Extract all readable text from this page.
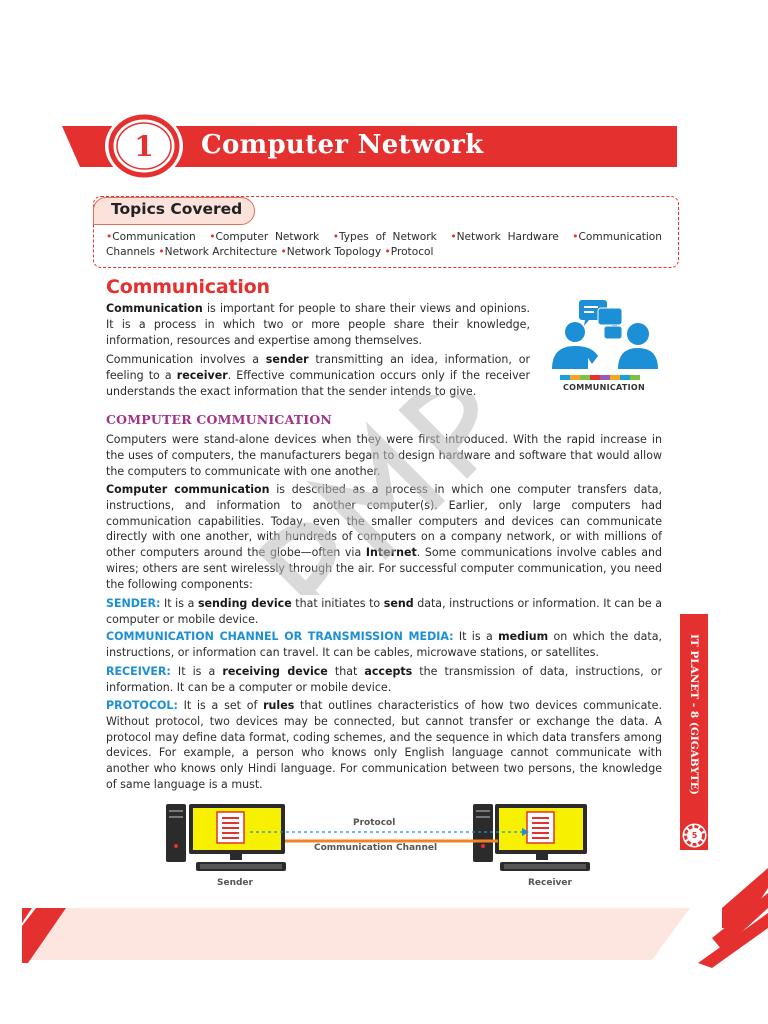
1	Computer Network
Topics Covered
•Communication •Computer Network •Types of Network •Network Hardware •Communication Channels •Network Architecture •Network Topology •Protocol
Communication

Communication is important for people to share their views and opinions. It is a process in which two or more people share their knowledge, information, resources and expertise among themselves.

Communication involves a sender transmitting an idea, information, or feeling to a receiver. Effective communication occurs only if the receiver understands the exact information that the sender intends to give.	COMMUNICATION
COMPUTER COMMUNICATION

Computers were stand-alone devices when they were first introduced. With the rapid increase in the uses of computers, the manufacturers began to design hardware and software that would allow the computers to communicate with one another.

Computer communication is described as a process in which one computer transfers data, instructions, and information to another computer(s). Earlier, only large computers had communication capabilities. Today, even the smaller computers and devices can communicate directly with one another, with hundreds of computers on a company network, or with millions of other computers around the globe—often via Internet. Some communications involve cables and wires; others are sent wirelessly through the air. For successful computer communication, you need the following components:

SENDER: It is a sending device that initiates to send data, instructions or information. It can be a computer or mobile device.

COMMUNICATION CHANNEL OR TRANSMISSION MEDIA: It is a medium on which the data, instructions, or information can travel. It can be cables, microwave stations, or satellites.

RECEIVER: It is a receiving device that accepts the transmission of data, instructions, or information. It can be a computer or mobile device.

PROTOCOL: It is a set of rules that outlines characteristics of how two devices communicate. Without protocol, two devices may be connected, but cannot transfer or exchange the data. A protocol may define data format, coding schemes, and the sequence in which data transfers among devices. For example, a person who knows only English language cannot communicate with another who knows only Hindi language. For communication between two persons, the knowledge of same language is a must.

Protocol
Communication Channel
Sender	Receiver
IT PLANET - 8 (GIGABYTE)
5
